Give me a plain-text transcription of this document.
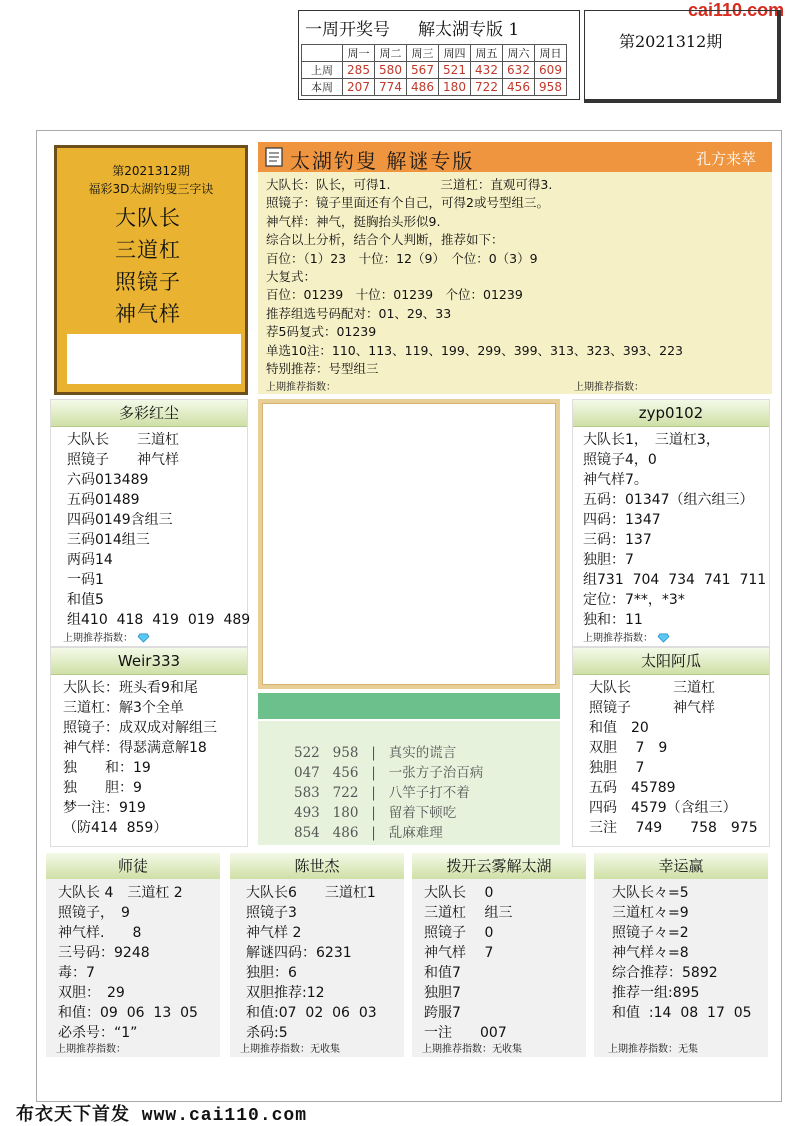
cai110.com
一周开奖号 解太湖专版 1
	周一	周二	周三	周四	周五	周六	周日
上周	285	580	567	521	432	632	609
本周	207	774	486	180	722	456	958
第2021312期
第2021312期
福彩3D太湖钓叟三字诀
大队长
三道杠
照镜子
神气样
太湖钓叟 解谜专版	孔方来萃
大队长：队长，可得1.　　　　三道杠：直观可得3.
照镜子：镜子里面还有个自己，可得2或号型组三。
神气样：神气，挺胸抬头形似9.
综合以上分析，结合个人判断，推荐如下：
百位：（1）23　十位：12（9）　个位：0（3）9
大复式：
百位：01239　十位：01239　个位：01239
推荐组选号码配对：01、29、33
荐5码复式：01239
单选10注：110、113、119、199、299、399、313、323、393、223
特别推荐：号型组三
上期推荐指数：	上期推荐指数：
多彩红尘
大队长　　三道杠
照镜子　　神气样
六码013489
五码01489
四码0149含组三
三码014组三
两码14
一码1
和值5
组410  418  419  019  489
上期推荐指数：
522   958   |   真实的谎言
047   456   |   一张方子治百病
583   722   |   八竿子打不着
493   180   |   留着下顿吃
854   486   |   乱麻难理
zyp0102
大队长1，　三道杠3，
照镜子4，0
神气样7。
五码：01347（组六组三）
四码：1347
三码：137
独胆：7
组731  704  734  741  711
定位：7**，*3*
独和：11
上期推荐指数：
Weir333
大队长：班头看9和尾
三道杠：解3个全单
照镜子：成双成对解组三
神气样：得瑟满意解18
独　　和：19
独　　胆：9
梦一注：919
（防414  859）
太阳阿瓜
大队长　　　三道杠
照镜子　　　神气样
和值　20
双胆　 7　9
独胆　 7
五码　45789
四码　4579（含组三）
三注　 749　　758　975
师徒
大队长 4　三道杠 2
照镜子，　9
神气样.　　8
三号码：9248
毒：7
双胆：　29
和值：09  06  13  05
必杀号：“1”
上期推荐指数：
陈世杰
大队长6　　三道杠1
照镜子3
神气样 2
解谜四码：6231
独胆：6
双胆推荐:12
和值:07  02  06  03
杀码:5
上期推荐指数：无收集
拨开云雾解太湖
大队长　 0
三道杠　 组三
照镜子　 0
神气样　 7
和值7
独胆7
跨服7
一注　　007
上期推荐指数：无收集
幸运赢
大队长々=5
三道杠々=9
照镜子々=2
神气样々=8
综合推荐：5892
推荐一组:895
和值  :14  08  17  05
上期推荐指数：无集
布衣天下首发 www.cai110.com
